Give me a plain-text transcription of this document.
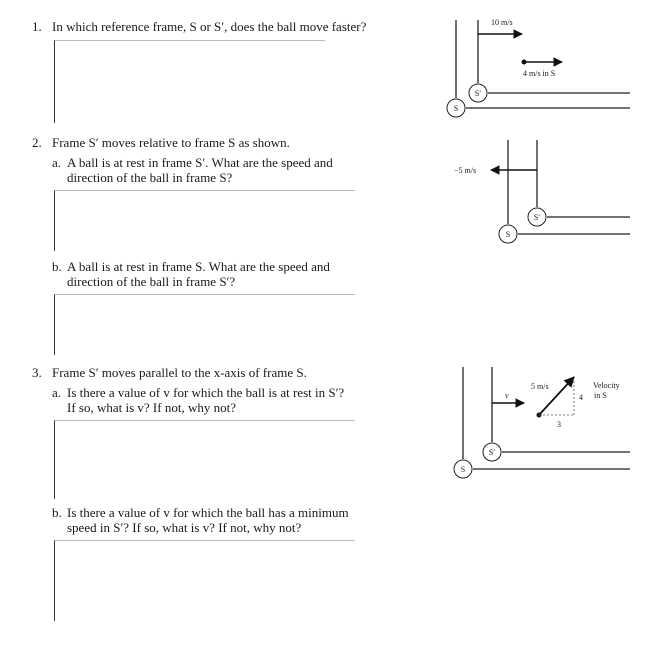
1. In which reference frame, S or S′, does the ball move faster?
2. Frame S′ moves relative to frame S as shown.
a. A ball is at rest in frame S′. What are the speed and
direction of the ball in frame S?
b. A ball is at rest in frame S. What are the speed and
direction of the ball in frame S′?
3. Frame S′ moves parallel to the x-axis of frame S.
a. Is there a value of v for which the ball is at rest in S′?
If so, what is v? If not, why not?
b. Is there a value of v for which the ball has a minimum
speed in S′? If so, what is v? If not, why not?
S
S′
10 m/s
4 m/s in S
S
S′
−5 m/s
S
S′
v
5 m/s
4
3
Velocity
in S
